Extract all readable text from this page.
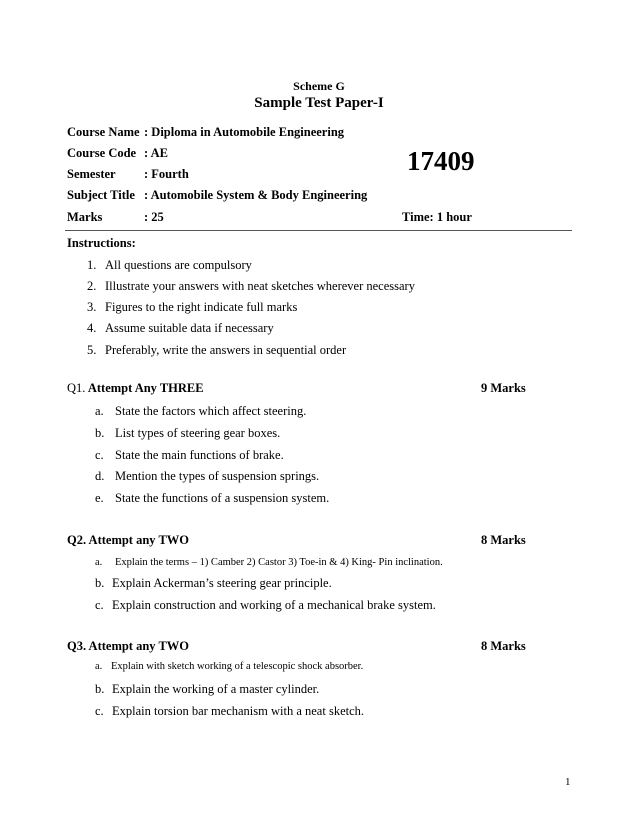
Scheme G
Sample Test Paper-I
Course Name : Diploma in Automobile Engineering
Course Code : AE
Semester : Fourth
Subject Title : Automobile System & Body Engineering
Marks	: 25
17409
Time: 1 hour
Instructions:
1. All questions are compulsory
2. Illustrate your answers with neat sketches wherever necessary
3. Figures to the right indicate full marks
4. Assume suitable data if necessary
5. Preferably, write the answers in sequential order
Q1. Attempt Any THREE	9 Marks
a. State the factors which affect steering.
b. List types of steering gear boxes.
c. State the main functions of brake.
d. Mention the types of suspension springs.
e. State the functions of a suspension system.
Q2. Attempt any TWO	8 Marks
a. Explain the terms – 1) Camber 2) Castor 3) Toe-in & 4) King- Pin inclination.
b. Explain Ackerman’s steering gear principle.
c. Explain construction and working of a mechanical brake system.
Q3. Attempt any TWO	8 Marks
a. Explain with sketch working of a telescopic shock absorber.
b. Explain the working of a master cylinder.
c. Explain torsion bar mechanism with a neat sketch.
1
